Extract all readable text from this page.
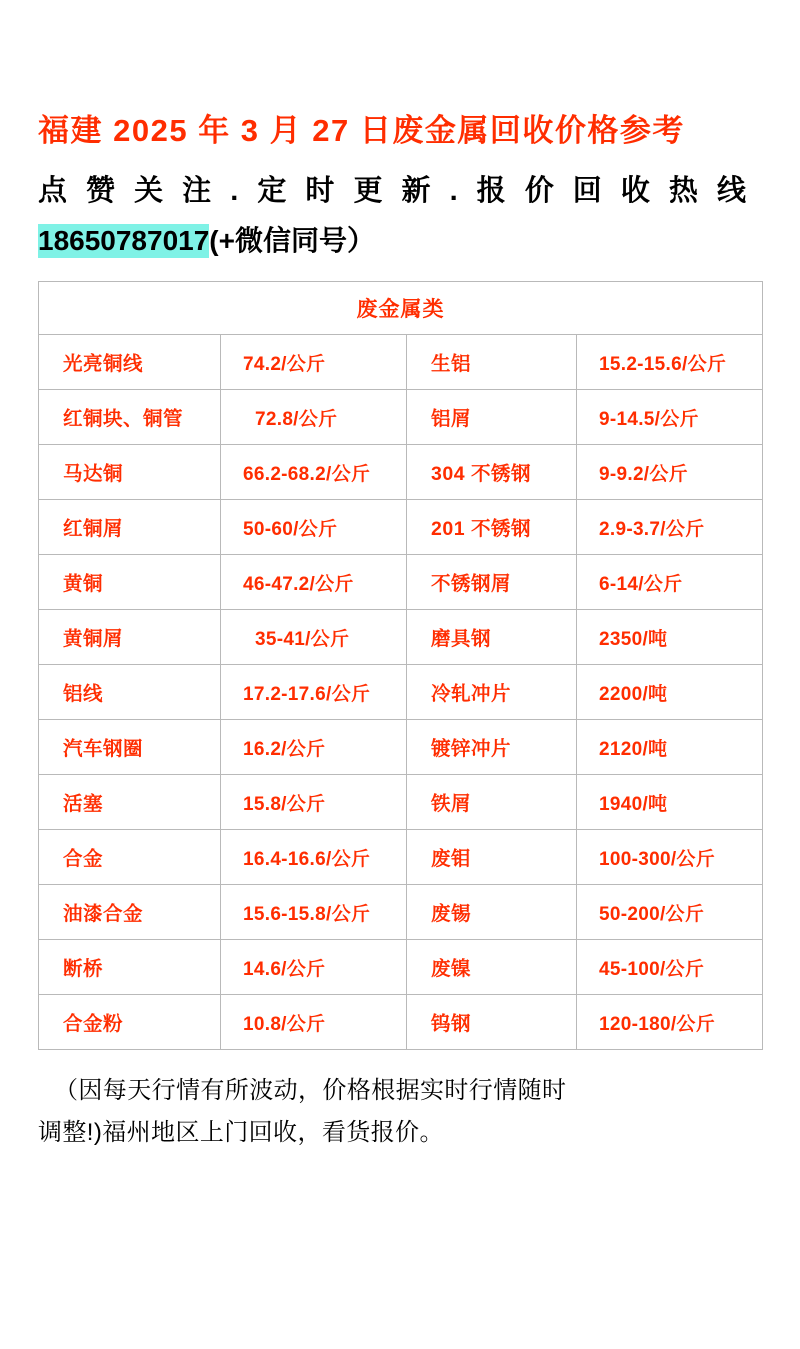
福建 2025 年 3 月 27 日废金属回收价格参考
点 赞 关 注 . 定 时 更 新 . 报 价 回 收 热 线

18650787017(+微信同号）

废金属类			
光亮铜线	74.2/公斤	生铝	15.2-15.6/公斤
红铜块、铜管	72.8/公斤	铝屑	9-14.5/公斤
马达铜	66.2-68.2/公斤	304 不锈钢	9-9.2/公斤
红铜屑	50-60/公斤	201 不锈钢	2.9-3.7/公斤
黄铜	46-47.2/公斤	不锈钢屑	6-14/公斤
黄铜屑	35-41/公斤	磨具钢	2350/吨
铝线	17.2-17.6/公斤	冷轧冲片	2200/吨
汽车钢圈	16.2/公斤	镀锌冲片	2120/吨
活塞	15.8/公斤	铁屑	1940/吨
合金	16.4-16.6/公斤	废钼	100-300/公斤
油漆合金	15.6-15.8/公斤	废锡	50-200/公斤
断桥	14.6/公斤	废镍	45-100/公斤
合金粉	10.8/公斤	钨钢	120-180/公斤

（因每天行情有所波动，价格根据实时行情随时
调整!)福州地区上门回收，看货报价。
